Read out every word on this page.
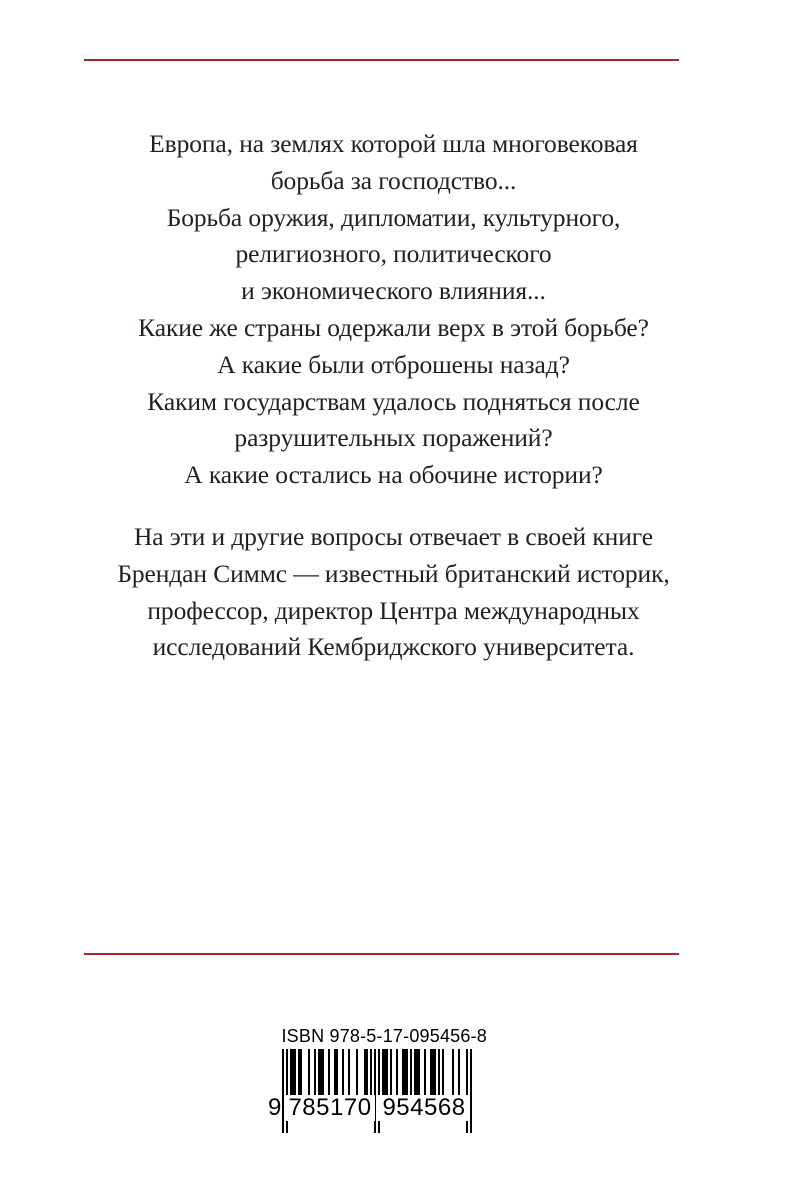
Европа, на землях которой шла многовековая
борьба за господство...
Борьба оружия, дипломатии, культурного,
религиозного, политического
и экономического влияния...
Какие же страны одержали верх в этой борьбе?
А какие были отброшены назад?
Каким государствам удалось подняться после
разрушительных поражений?
А какие остались на обочине истории?
На эти и другие вопросы отвечает в своей книге
Брендан Симмс — известный британский историк,
профессор, директор Центра международных
исследований Кембриджского университета.
ISBN 978-5-17-095456-8
9 785170 954568
